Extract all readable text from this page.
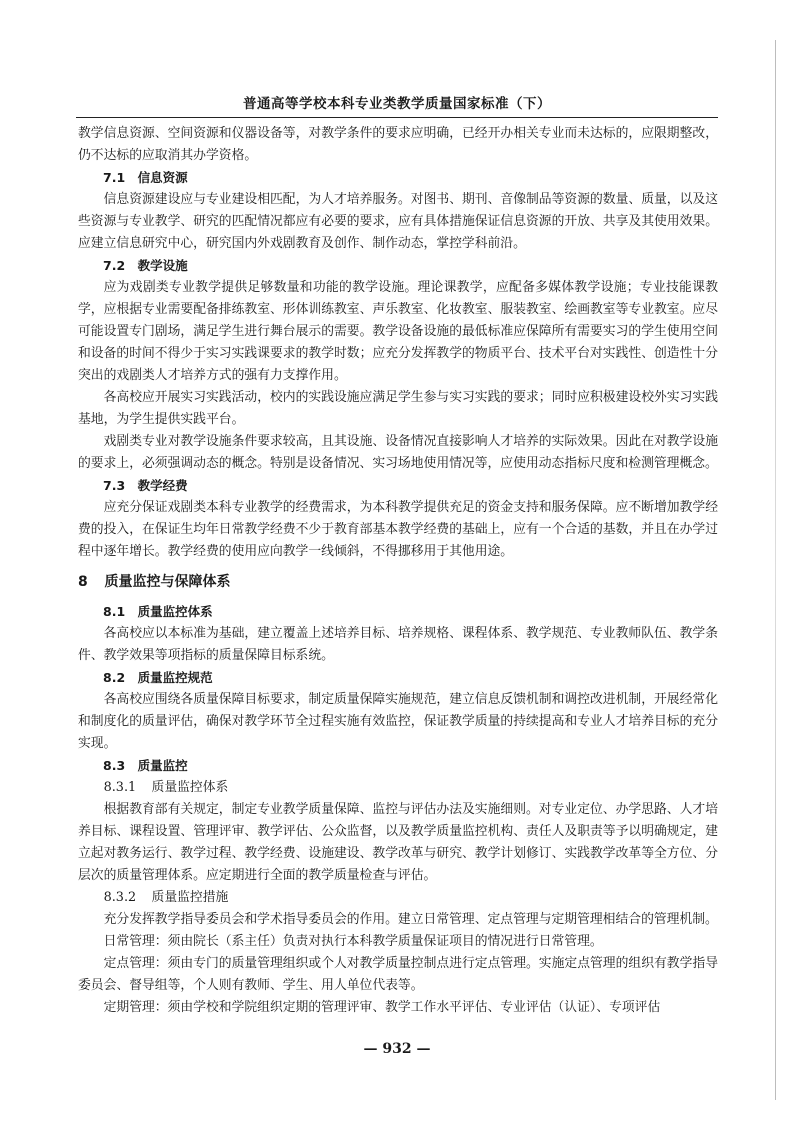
普通高等学校本科专业类教学质量国家标准（下）

教学信息资源、空间资源和仪器设备等，对教学条件的要求应明确，已经开办相关专业而未达标的，应限期整改，仍不达标的应取消其办学资格。

7.1 信息资源

信息资源建设应与专业建设相匹配，为人才培养服务。对图书、期刊、音像制品等资源的数量、质量，以及这些资源与专业教学、研究的匹配情况都应有必要的要求，应有具体措施保证信息资源的开放、共享及其使用效果。应建立信息研究中心，研究国内外戏剧教育及创作、制作动态，掌控学科前沿。

7.2 教学设施

应为戏剧类专业教学提供足够数量和功能的教学设施。理论课教学，应配备多媒体教学设施；专业技能课教学，应根据专业需要配备排练教室、形体训练教室、声乐教室、化妆教室、服装教室、绘画教室等专业教室。应尽可能设置专门剧场，满足学生进行舞台展示的需要。教学设备设施的最低标准应保障所有需要实习的学生使用空间和设备的时间不得少于实习实践课要求的教学时数；应充分发挥教学的物质平台、技术平台对实践性、创造性十分突出的戏剧类人才培养方式的强有力支撑作用。

各高校应开展实习实践活动，校内的实践设施应满足学生参与实习实践的要求；同时应积极建设校外实习实践基地，为学生提供实践平台。

戏剧类专业对教学设施条件要求较高，且其设施、设备情况直接影响人才培养的实际效果。因此在对教学设施的要求上，必须强调动态的概念。特别是设备情况、实习场地使用情况等，应使用动态指标尺度和检测管理概念。

7.3 教学经费

应充分保证戏剧类本科专业教学的经费需求，为本科教学提供充足的资金支持和服务保障。应不断增加教学经费的投入，在保证生均年日常教学经费不少于教育部基本教学经费的基础上，应有一个合适的基数，并且在办学过程中逐年增长。教学经费的使用应向教学一线倾斜，不得挪移用于其他用途。

8 质量监控与保障体系

8.1 质量监控体系

各高校应以本标准为基础，建立覆盖上述培养目标、培养规格、课程体系、教学规范、专业教师队伍、教学条件、教学效果等项指标的质量保障目标系统。

8.2 质量监控规范

各高校应围绕各质量保障目标要求，制定质量保障实施规范，建立信息反馈机制和调控改进机制，开展经常化和制度化的质量评估，确保对教学环节全过程实施有效监控，保证教学质量的持续提高和专业人才培养目标的充分实现。

8.3 质量监控

8.3.1 质量监控体系

根据教育部有关规定，制定专业教学质量保障、监控与评估办法及实施细则。对专业定位、办学思路、人才培养目标、课程设置、管理评审、教学评估、公众监督，以及教学质量监控机构、责任人及职责等予以明确规定，建立起对教务运行、教学过程、教学经费、设施建设、教学改革与研究、教学计划修订、实践教学改革等全方位、分层次的质量管理体系。应定期进行全面的教学质量检查与评估。

8.3.2 质量监控措施

充分发挥教学指导委员会和学术指导委员会的作用。建立日常管理、定点管理与定期管理相结合的管理机制。

日常管理：须由院长（系主任）负责对执行本科教学质量保证项目的情况进行日常管理。

定点管理：须由专门的质量管理组织或个人对教学质量控制点进行定点管理。实施定点管理的组织有教学指导委员会、督导组等，个人则有教师、学生、用人单位代表等。

定期管理：须由学校和学院组织定期的管理评审、教学工作水平评估、专业评估（认证）、专项评估

— 932 —
